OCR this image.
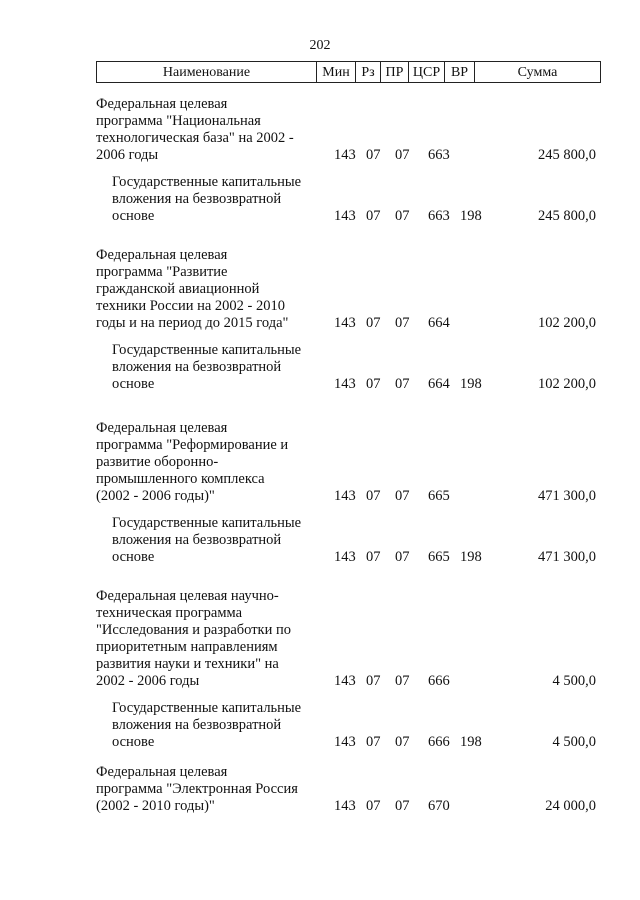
202
Наименование	Мин Рз ПР ЦСР ВР	Сумма
Федеральная целевая
программа "Национальная
технологическая база" на 2002 -
2006 годы	143 07 07 663	245 800,0
Государственные капитальные
вложения на безвозвратной
основе	143 07 07 663 198	245 800,0
Федеральная целевая
программа "Развитие
гражданской авиационной
техники России на 2002 - 2010
годы и на период до 2015 года"	143 07 07 664	102 200,0
Государственные капитальные
вложения на безвозвратной
основе	143 07 07 664 198	102 200,0
Федеральная целевая
программа "Реформирование и
развитие оборонно-
промышленного комплекса
(2002 - 2006 годы)"	143 07 07 665	471 300,0
Государственные капитальные
вложения на безвозвратной
основе	143 07 07 665 198	471 300,0
Федеральная целевая научно-
техническая программа
"Исследования и разработки по
приоритетным направлениям
развития науки и техники" на
2002 - 2006 годы	143 07 07 666	4 500,0
Государственные капитальные
вложения на безвозвратной
основе	143 07 07 666 198	4 500,0
Федеральная целевая
программа "Электронная Россия
(2002 - 2010 годы)"	143 07 07 670	24 000,0
